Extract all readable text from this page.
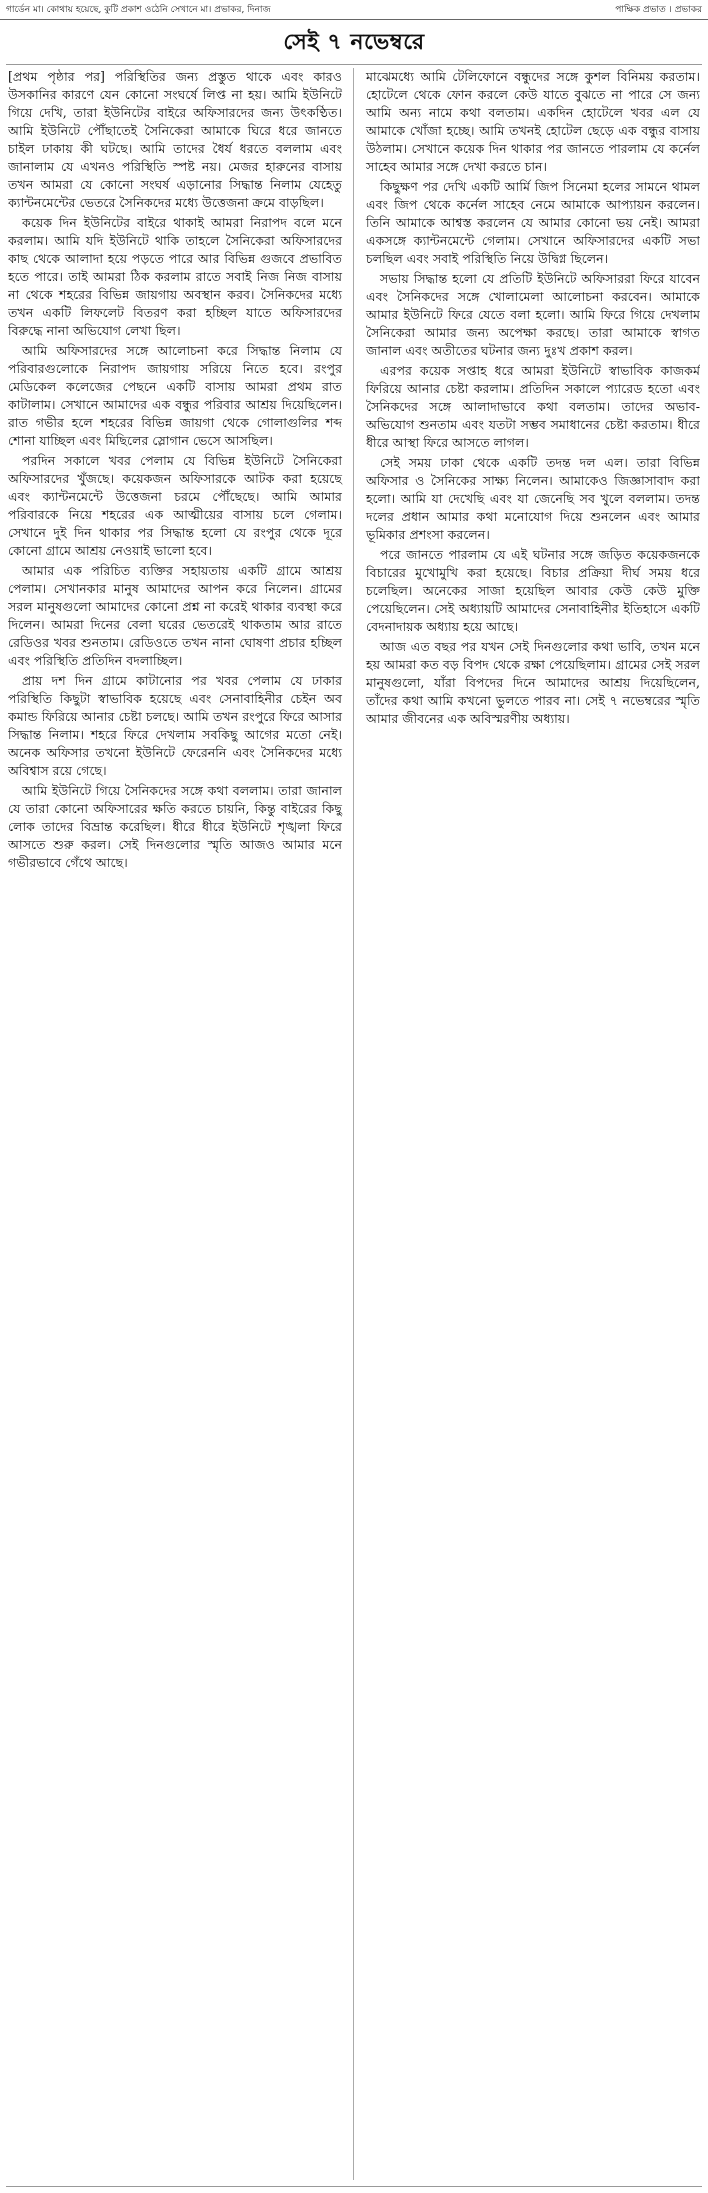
গার্ডেন মা। কোথায় হয়েছে, কুটি প্রকাশ ওঠেনি সেখানে মা। প্রভাকর, দিনাজ	পাক্ষিক প্রভাত । প্রভাকর
সেই ৭ নভেম্বরে

[প্রথম পৃষ্ঠার পর] পরিস্থিতির জন্য প্রস্তুত থাকে এবং কারও উসকানির কারণে যেন কোনো সংঘর্ষে লিপ্ত না হয়। আমি ইউনিটে গিয়ে দেখি, তারা ইউনিটের বাইরে অফিসারদের জন্য উৎকণ্ঠিত। আমি ইউনিটে পৌঁছাতেই সৈনিকেরা আমাকে ঘিরে ধরে জানতে চাইল ঢাকায় কী ঘটছে। আমি তাদের ধৈর্য ধরতে বললাম এবং জানালাম যে এখনও পরিস্থিতি স্পষ্ট নয়। মেজর হারুনের বাসায় তখন আমরা যে কোনো সংঘর্ষ এড়ানোর সিদ্ধান্ত নিলাম যেহেতু ক্যান্টনমেন্টের ভেতরে সৈনিকদের মধ্যে উত্তেজনা ক্রমে বাড়ছিল।

কয়েক দিন ইউনিটের বাইরে থাকাই আমরা নিরাপদ বলে মনে করলাম। আমি যদি ইউনিটে থাকি তাহলে সৈনিকেরা অফিসারদের কাছ থেকে আলাদা হয়ে পড়তে পারে আর বিভিন্ন গুজবে প্রভাবিত হতে পারে। তাই আমরা ঠিক করলাম রাতে সবাই নিজ নিজ বাসায় না থেকে শহরের বিভিন্ন জায়গায় অবস্থান করব। সৈনিকদের মধ্যে তখন একটি লিফলেট বিতরণ করা হচ্ছিল যাতে অফিসারদের বিরুদ্ধে নানা অভিযোগ লেখা ছিল।

আমি অফিসারদের সঙ্গে আলোচনা করে সিদ্ধান্ত নিলাম যে পরিবারগুলোকে নিরাপদ জায়গায় সরিয়ে নিতে হবে। রংপুর মেডিকেল কলেজের পেছনে একটি বাসায় আমরা প্রথম রাত কাটালাম। সেখানে আমাদের এক বন্ধুর পরিবার আশ্রয় দিয়েছিলেন। রাত গভীর হলে শহরের বিভিন্ন জায়গা থেকে গোলাগুলির শব্দ শোনা যাচ্ছিল এবং মিছিলের স্লোগান ভেসে আসছিল।

পরদিন সকালে খবর পেলাম যে বিভিন্ন ইউনিটে সৈনিকেরা অফিসারদের খুঁজছে। কয়েকজন অফিসারকে আটক করা হয়েছে এবং ক্যান্টনমেন্টে উত্তেজনা চরমে পৌঁছেছে। আমি আমার পরিবারকে নিয়ে শহরের এক আত্মীয়ের বাসায় চলে গেলাম। সেখানে দুই দিন থাকার পর সিদ্ধান্ত হলো যে রংপুর থেকে দূরে কোনো গ্রামে আশ্রয় নেওয়াই ভালো হবে।

আমার এক পরিচিত ব্যক্তির সহায়তায় একটি গ্রামে আশ্রয় পেলাম। সেখানকার মানুষ আমাদের আপন করে নিলেন। গ্রামের সরল মানুষগুলো আমাদের কোনো প্রশ্ন না করেই থাকার ব্যবস্থা করে দিলেন। আমরা দিনের বেলা ঘরের ভেতরেই থাকতাম আর রাতে রেডিওর খবর শুনতাম। রেডিওতে তখন নানা ঘোষণা প্রচার হচ্ছিল এবং পরিস্থিতি প্রতিদিন বদলাচ্ছিল।

প্রায় দশ দিন গ্রামে কাটানোর পর খবর পেলাম যে ঢাকার পরিস্থিতি কিছুটা স্বাভাবিক হয়েছে এবং সেনাবাহিনীর চেইন অব কমান্ড ফিরিয়ে আনার চেষ্টা চলছে। আমি তখন রংপুরে ফিরে আসার সিদ্ধান্ত নিলাম। শহরে ফিরে দেখলাম সবকিছু আগের মতো নেই। অনেক অফিসার তখনো ইউনিটে ফেরেননি এবং সৈনিকদের মধ্যে অবিশ্বাস রয়ে গেছে।

আমি ইউনিটে গিয়ে সৈনিকদের সঙ্গে কথা বললাম। তারা জানাল যে তারা কোনো অফিসারের ক্ষতি করতে চায়নি, কিন্তু বাইরের কিছু লোক তাদের বিভ্রান্ত করেছিল। ধীরে ধীরে ইউনিটে শৃঙ্খলা ফিরে আসতে শুরু করল। সেই দিনগুলোর স্মৃতি আজও আমার মনে গভীরভাবে গেঁথে আছে।

মাঝেমধ্যে আমি টেলিফোনে বন্ধুদের সঙ্গে কুশল বিনিময় করতাম। হোটেলে থেকে ফোন করলে কেউ যাতে বুঝতে না পারে সে জন্য আমি অন্য নামে কথা বলতাম। একদিন হোটেলে খবর এল যে আমাকে খোঁজা হচ্ছে। আমি তখনই হোটেল ছেড়ে এক বন্ধুর বাসায় উঠলাম। সেখানে কয়েক দিন থাকার পর জানতে পারলাম যে কর্নেল সাহেব আমার সঙ্গে দেখা করতে চান।

কিছুক্ষণ পর দেখি একটি আর্মি জিপ সিনেমা হলের সামনে থামল এবং জিপ থেকে কর্নেল সাহেব নেমে আমাকে আপ্যায়ন করলেন। তিনি আমাকে আশ্বস্ত করলেন যে আমার কোনো ভয় নেই। আমরা একসঙ্গে ক্যান্টনমেন্টে গেলাম। সেখানে অফিসারদের একটি সভা চলছিল এবং সবাই পরিস্থিতি নিয়ে উদ্বিগ্ন ছিলেন।

সভায় সিদ্ধান্ত হলো যে প্রতিটি ইউনিটে অফিসাররা ফিরে যাবেন এবং সৈনিকদের সঙ্গে খোলামেলা আলোচনা করবেন। আমাকে আমার ইউনিটে ফিরে যেতে বলা হলো। আমি ফিরে গিয়ে দেখলাম সৈনিকেরা আমার জন্য অপেক্ষা করছে। তারা আমাকে স্বাগত জানাল এবং অতীতের ঘটনার জন্য দুঃখ প্রকাশ করল।

এরপর কয়েক সপ্তাহ ধরে আমরা ইউনিটে স্বাভাবিক কাজকর্ম ফিরিয়ে আনার চেষ্টা করলাম। প্রতিদিন সকালে প্যারেড হতো এবং সৈনিকদের সঙ্গে আলাদাভাবে কথা বলতাম। তাদের অভাব-অভিযোগ শুনতাম এবং যতটা সম্ভব সমাধানের চেষ্টা করতাম। ধীরে ধীরে আস্থা ফিরে আসতে লাগল।

সেই সময় ঢাকা থেকে একটি তদন্ত দল এল। তারা বিভিন্ন অফিসার ও সৈনিকের সাক্ষ্য নিলেন। আমাকেও জিজ্ঞাসাবাদ করা হলো। আমি যা দেখেছি এবং যা জেনেছি সব খুলে বললাম। তদন্ত দলের প্রধান আমার কথা মনোযোগ দিয়ে শুনলেন এবং আমার ভূমিকার প্রশংসা করলেন।

পরে জানতে পারলাম যে এই ঘটনার সঙ্গে জড়িত কয়েকজনকে বিচারের মুখোমুখি করা হয়েছে। বিচার প্রক্রিয়া দীর্ঘ সময় ধরে চলেছিল। অনেকের সাজা হয়েছিল আবার কেউ কেউ মুক্তি পেয়েছিলেন। সেই অধ্যায়টি আমাদের সেনাবাহিনীর ইতিহাসে একটি বেদনাদায়ক অধ্যায় হয়ে আছে।

আজ এত বছর পর যখন সেই দিনগুলোর কথা ভাবি, তখন মনে হয় আমরা কত বড় বিপদ থেকে রক্ষা পেয়েছিলাম। গ্রামের সেই সরল মানুষগুলো, যাঁরা বিপদের দিনে আমাদের আশ্রয় দিয়েছিলেন, তাঁদের কথা আমি কখনো ভুলতে পারব না। সেই ৭ নভেম্বরের স্মৃতি আমার জীবনের এক অবিস্মরণীয় অধ্যায়।
